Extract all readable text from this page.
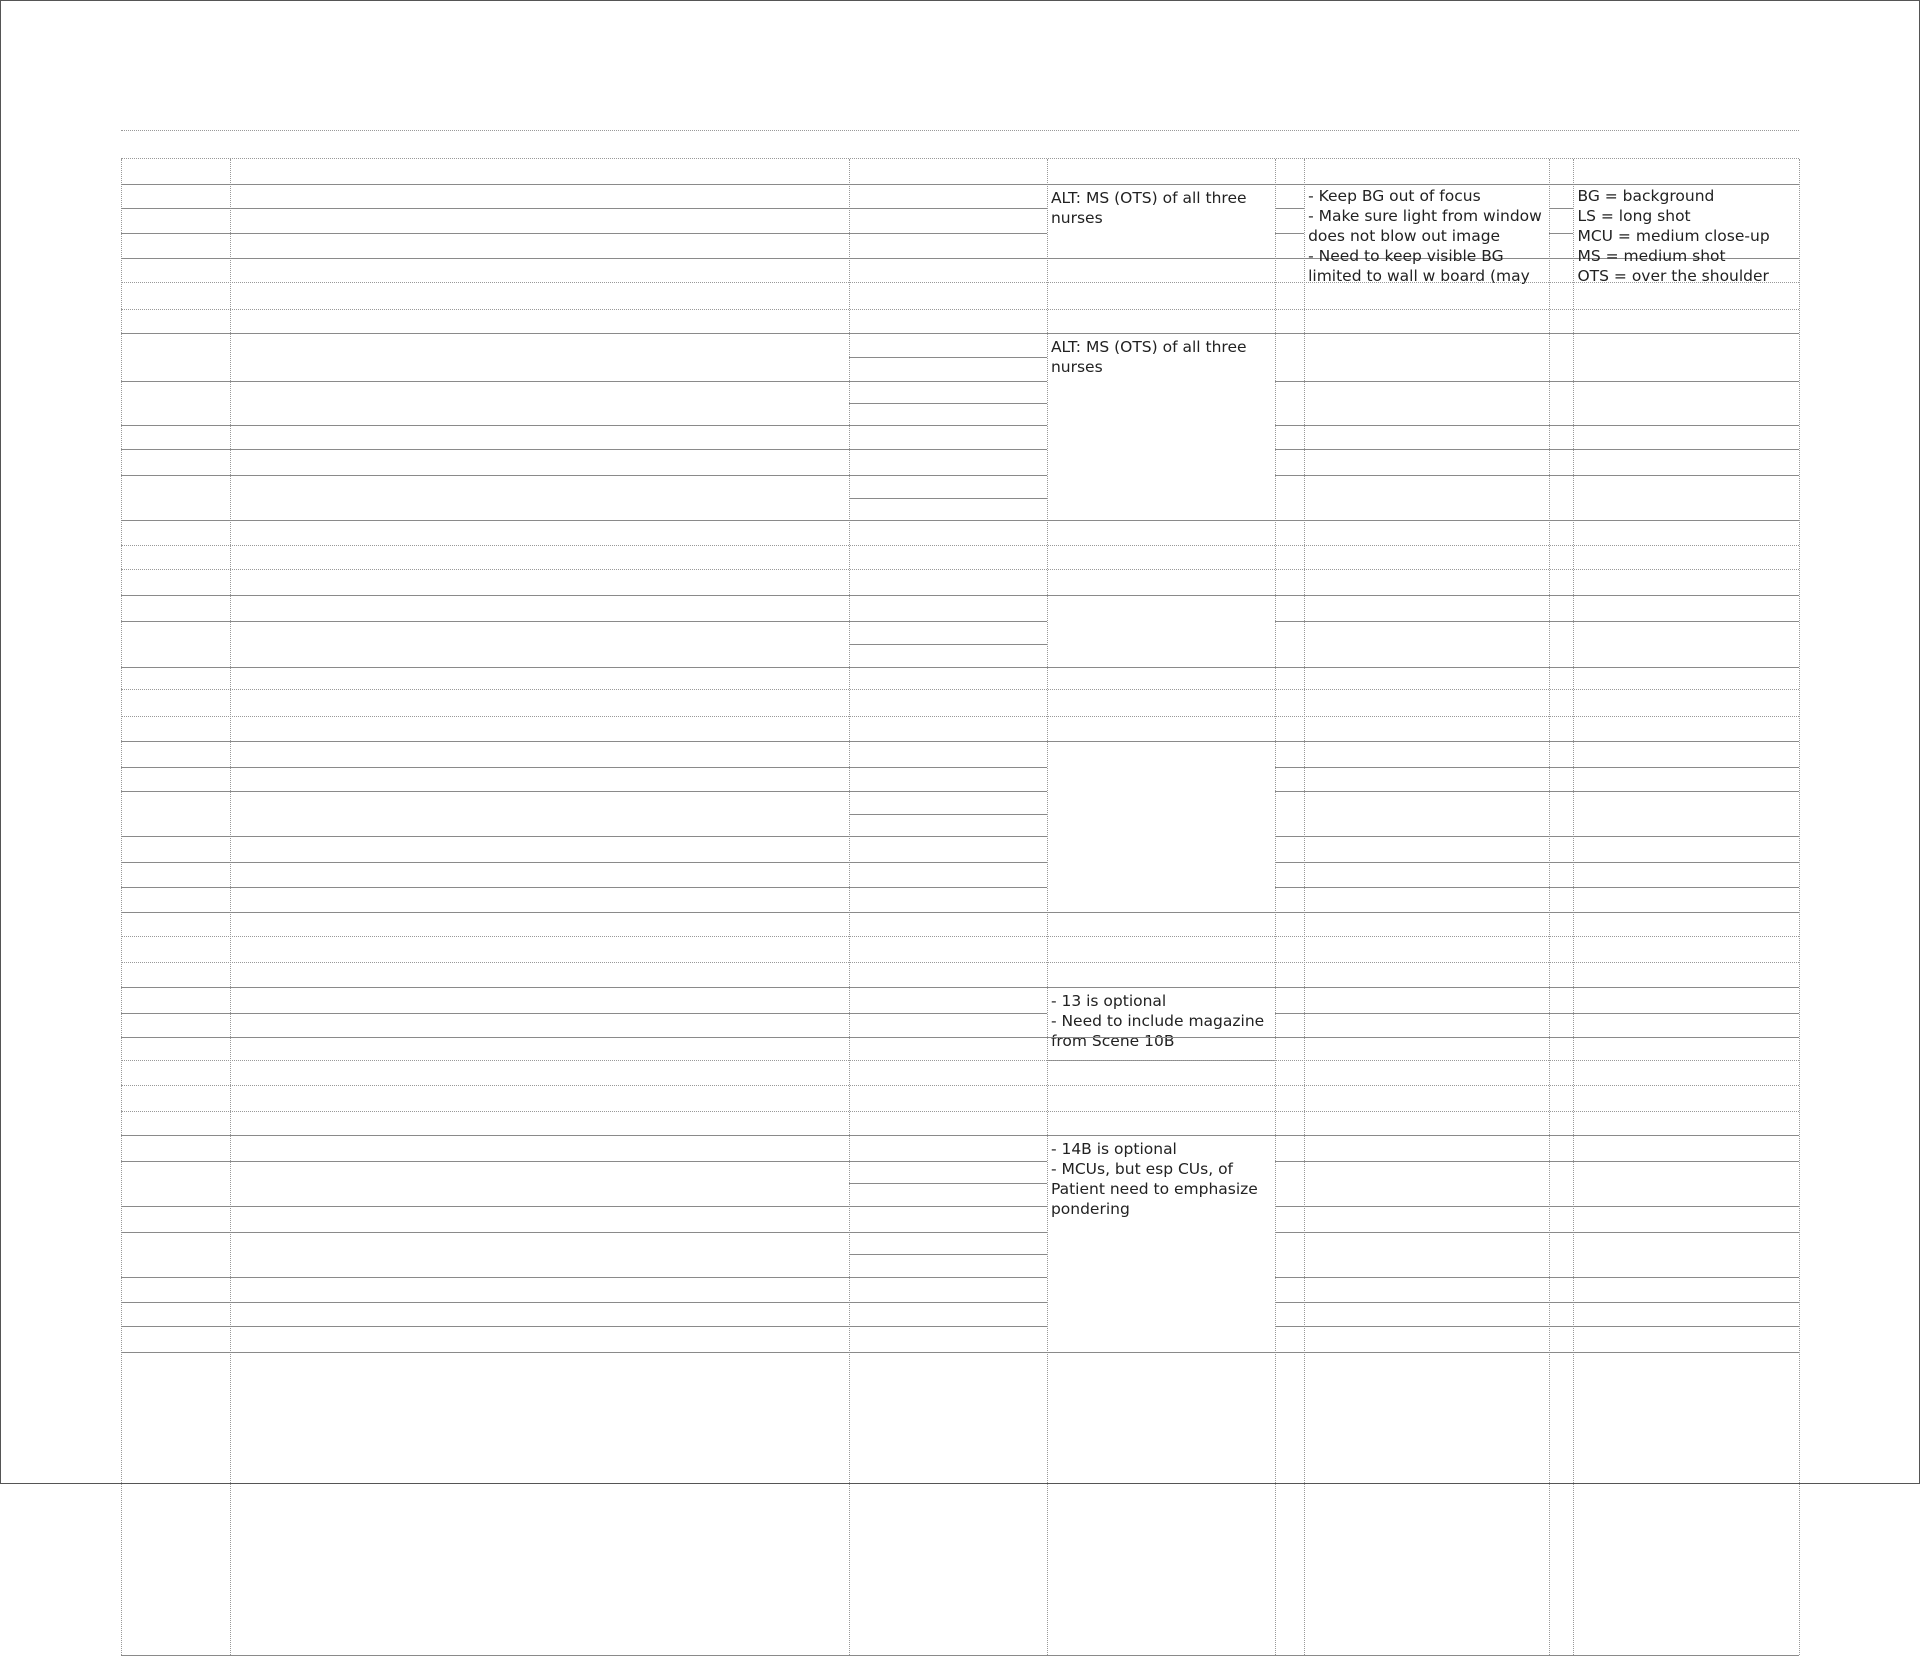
ALT: MS (OTS) of all three nurses
ALT: MS (OTS) of all three nurses
- 13 is optional
- Need to include magazine from Scene 10B
- 14B is optional
- MCUs, but esp CUs, of Patient need to emphasize pondering
- Keep BG out of focus
- Make sure light from window does not blow out image
- Need to keep visible BG limited to wall w board (may
BG = background
LS = long shot
MCU = medium close-up
MS = medium shot
OTS = over the shoulder
